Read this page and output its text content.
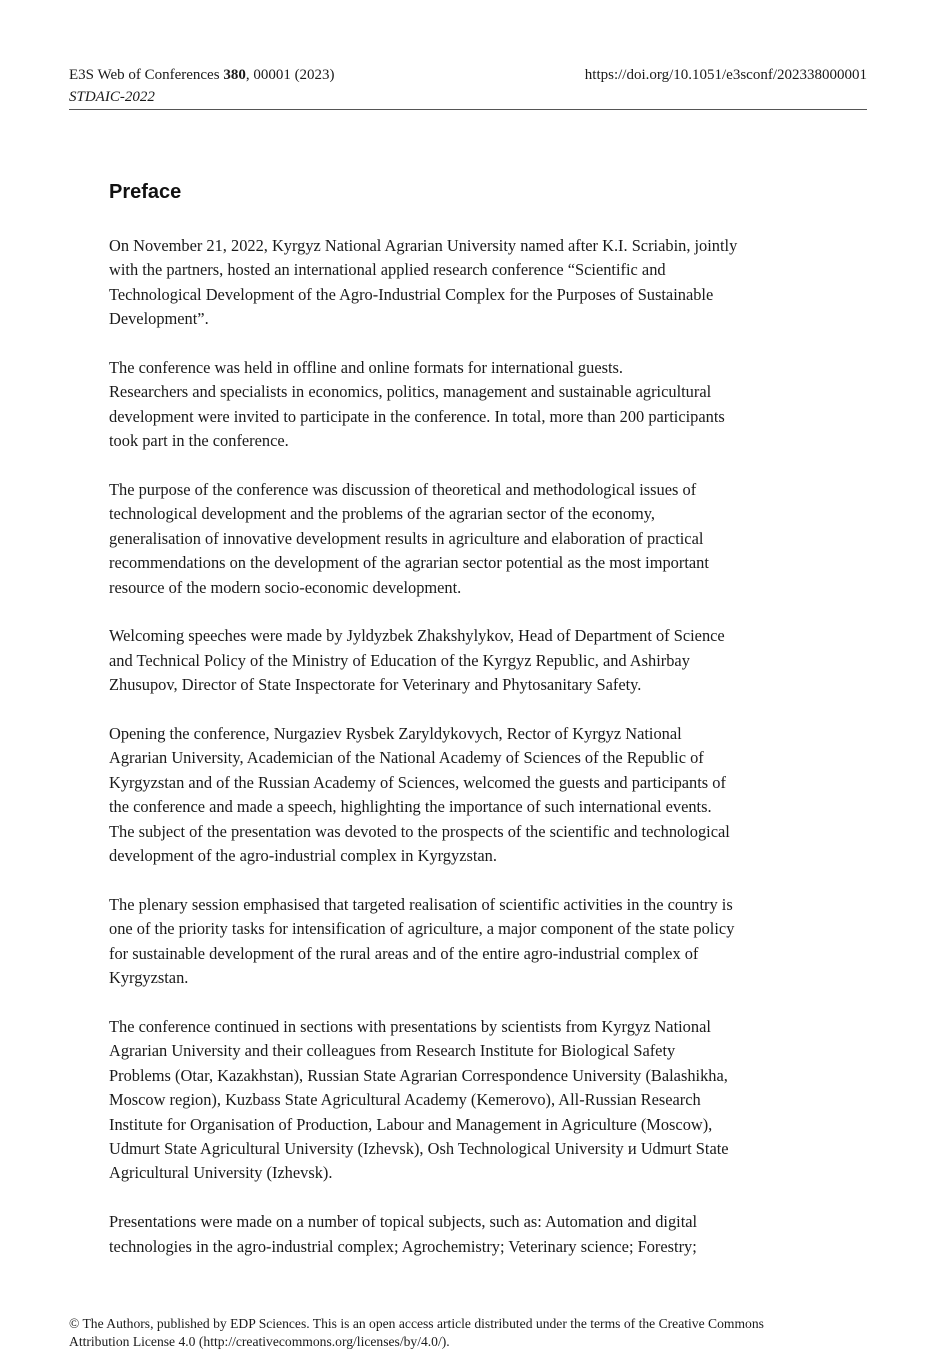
E3S Web of Conferences 380, 00001 (2023)	https://doi.org/10.1051/e3sconf/202338000001
STDAIC-2022
Preface

On November 21, 2022, Kyrgyz National Agrarian University named after K.I. Scriabin, jointly
with the partners, hosted an international applied research conference “Scientific and
Technological Development of the Agro-Industrial Complex for the Purposes of Sustainable
Development”.

The conference was held in offline and online formats for international guests.
Researchers and specialists in economics, politics, management and sustainable agricultural
development were invited to participate in the conference. In total, more than 200 participants
took part in the conference.

The purpose of the conference was discussion of theoretical and methodological issues of
technological development and the problems of the agrarian sector of the economy,
generalisation of innovative development results in agriculture and elaboration of practical
recommendations on the development of the agrarian sector potential as the most important
resource of the modern socio-economic development.

Welcoming speeches were made by Jyldyzbek Zhakshylykov, Head of Department of Science
and Technical Policy of the Ministry of Education of the Kyrgyz Republic, and Ashirbay
Zhusupov, Director of State Inspectorate for Veterinary and Phytosanitary Safety.

Opening the conference, Nurgaziev Rysbek Zaryldykovych, Rector of Kyrgyz National
Agrarian University, Academician of the National Academy of Sciences of the Republic of
Kyrgyzstan and of the Russian Academy of Sciences, welcomed the guests and participants of
the conference and made a speech, highlighting the importance of such international events.
The subject of the presentation was devoted to the prospects of the scientific and technological
development of the agro-industrial complex in Kyrgyzstan.

The plenary session emphasised that targeted realisation of scientific activities in the country is
one of the priority tasks for intensification of agriculture, a major component of the state policy
for sustainable development of the rural areas and of the entire agro-industrial complex of
Kyrgyzstan.

The conference continued in sections with presentations by scientists from Kyrgyz National
Agrarian University and their colleagues from Research Institute for Biological Safety
Problems (Otar, Kazakhstan), Russian State Agrarian Correspondence University (Balashikha,
Moscow region), Kuzbass State Agricultural Academy (Kemerovo), All-Russian Research
Institute for Organisation of Production, Labour and Management in Agriculture (Moscow),
Udmurt State Agricultural University (Izhevsk), Osh Technological University и Udmurt State
Agricultural University (Izhevsk).

Presentations were made on a number of topical subjects, such as: Automation and digital
technologies in the agro-industrial complex; Agrochemistry; Veterinary science; Forestry;

© The Authors, published by EDP Sciences. This is an open access article distributed under the terms of the Creative Commons
Attribution License 4.0 (http://creativecommons.org/licenses/by/4.0/).
